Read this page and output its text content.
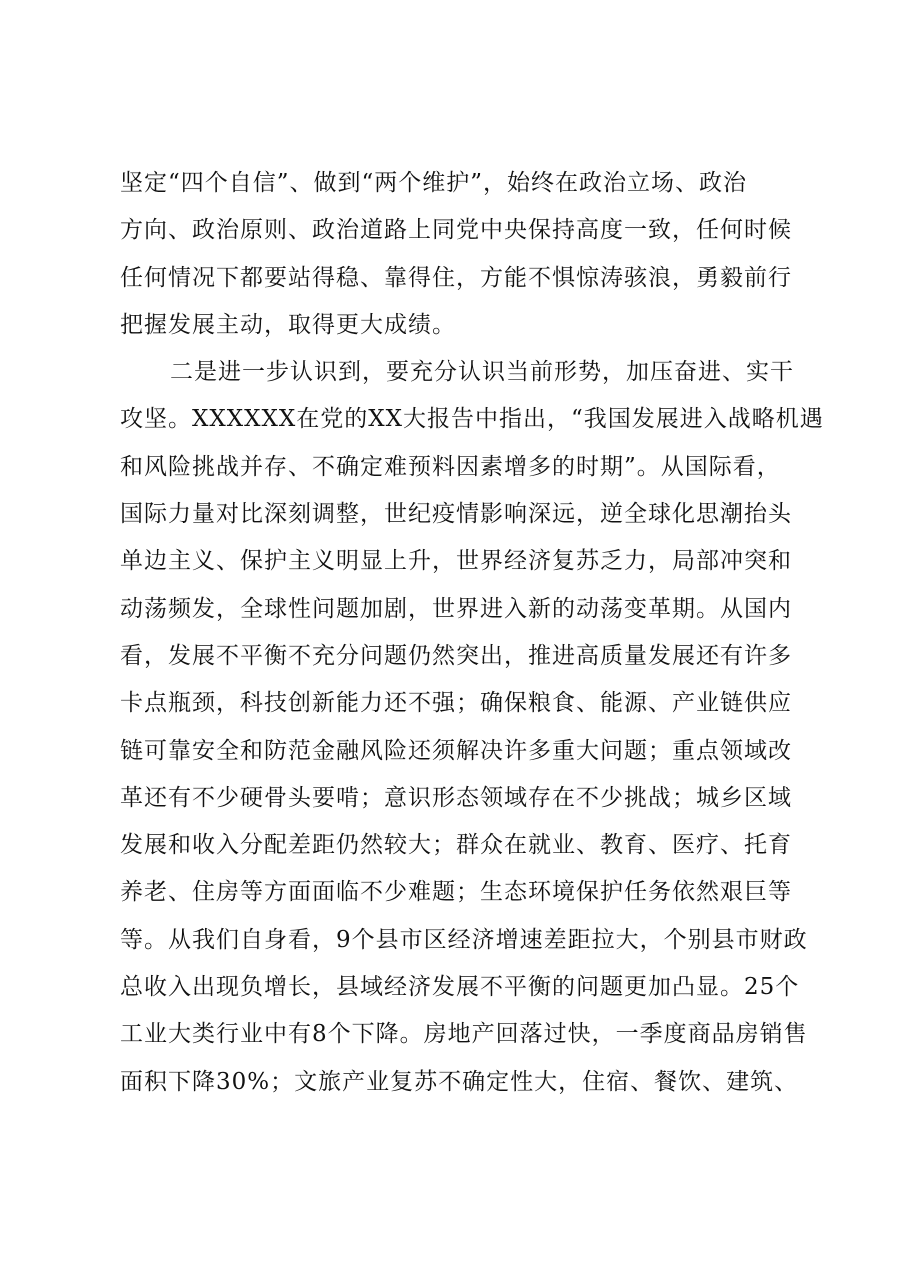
坚定“四个自信”、做到“两个维护”，始终在政治立场、政治
方向、政治原则、政治道路上同党中央保持高度一致，任何时候
任何情况下都要站得稳、靠得住，方能不惧惊涛骇浪，勇毅前行
把握发展主动，取得更大成绩。
二是进一步认识到，要充分认识当前形势，加压奋进、实干
攻坚。XXXXXX在党的XX大报告中指出，“我国发展进入战略机遇
和风险挑战并存、不确定难预料因素增多的时期”。从国际看，
国际力量对比深刻调整，世纪疫情影响深远，逆全球化思潮抬头
单边主义、保护主义明显上升，世界经济复苏乏力，局部冲突和
动荡频发，全球性问题加剧，世界进入新的动荡变革期。从国内
看，发展不平衡不充分问题仍然突出，推进高质量发展还有许多
卡点瓶颈，科技创新能力还不强；确保粮食、能源、产业链供应
链可靠安全和防范金融风险还须解决许多重大问题；重点领域改
革还有不少硬骨头要啃；意识形态领域存在不少挑战；城乡区域
发展和收入分配差距仍然较大；群众在就业、教育、医疗、托育
养老、住房等方面面临不少难题；生态环境保护任务依然艰巨等
等。从我们自身看，9个县市区经济增速差距拉大，个别县市财政
总收入出现负增长，县域经济发展不平衡的问题更加凸显。25个
工业大类行业中有8个下降。房地产回落过快，一季度商品房销售
面积下降30%；文旅产业复苏不确定性大，住宿、餐饮、建筑、
